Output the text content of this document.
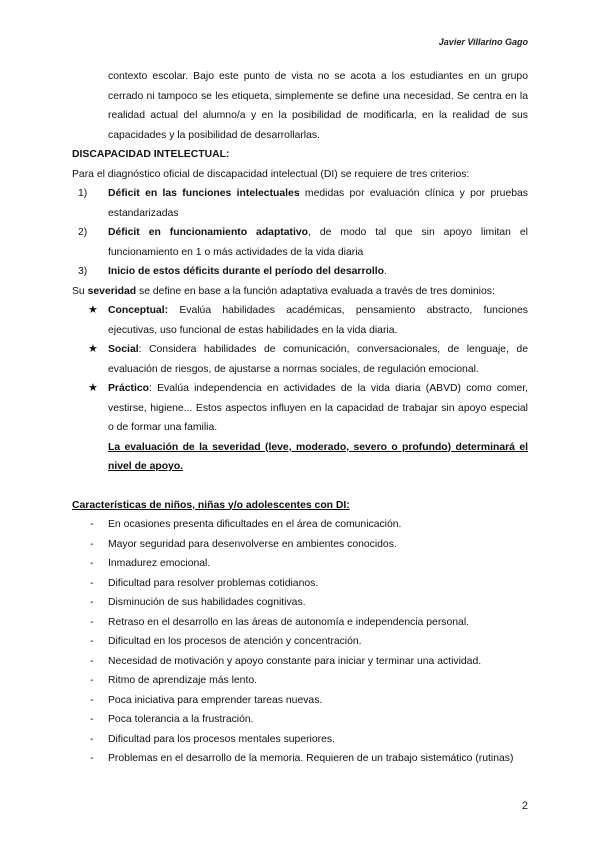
Javier Villarino Gago
contexto escolar. Bajo este punto de vista no se acota a los estudiantes en un grupo cerrado ni tampoco se les etiqueta, simplemente se define una necesidad. Se centra en la realidad actual del alumno/a y en la posibilidad de modificarla, en la realidad de sus capacidades y la posibilidad de desarrollarlas.
DISCAPACIDAD INTELECTUAL:
Para el diagnóstico oficial de discapacidad intelectual (DI) se requiere de tres criterios:
1)	Déficit en las funciones intelectuales medidas por evaluación clínica y por pruebas estandarizadas
2)	Déficit en funcionamiento adaptativo, de modo tal que sin apoyo limitan el funcionamiento en 1 o más actividades de la vida diaria
3)	Inicio de estos déficits durante el período del desarrollo.
Su severidad se define en base a la función adaptativa evaluada a través de tres dominios:
★ Conceptual: Evalúa habilidades académicas, pensamiento abstracto, funciones ejecutivas, uso funcional de estas habilidades en la vida diaria.
★ Social: Considera habilidades de comunicación, conversacionales, de lenguaje, de evaluación de riesgos, de ajustarse a normas sociales, de regulación emocional.
★ Práctico: Evalúa independencia en actividades de la vida diaria (ABVD) como comer, vestirse, higiene... Estos aspectos influyen en la capacidad de trabajar sin apoyo especial o de formar una familia.
La evaluación de la severidad (leve, moderado, severo o profundo) determinará el nivel de apoyo.
Características de niños, niñas y/o adolescentes con DI:
-	En ocasiones presenta dificultades en el área de comunicación.
-	Mayor seguridad para desenvolverse en ambientes conocidos.
-	Inmadurez emocional.
-	Dificultad para resolver problemas cotidianos.
-	Disminución de sus habilidades cognitivas.
-	Retraso en el desarrollo en las áreas de autonomía e independencia personal.
-	Dificultad en los procesos de atención y concentración.
-	Necesidad de motivación y apoyo constante para iniciar y terminar una actividad.
-	Ritmo de aprendizaje más lento.
-	Poca iniciativa para emprender tareas nuevas.
-	Poca tolerancia a la frustración.
-	Dificultad para los procesos mentales superiores.
-	Problemas en el desarrollo de la memoria. Requieren de un trabajo sistemático (rutinas)
2
